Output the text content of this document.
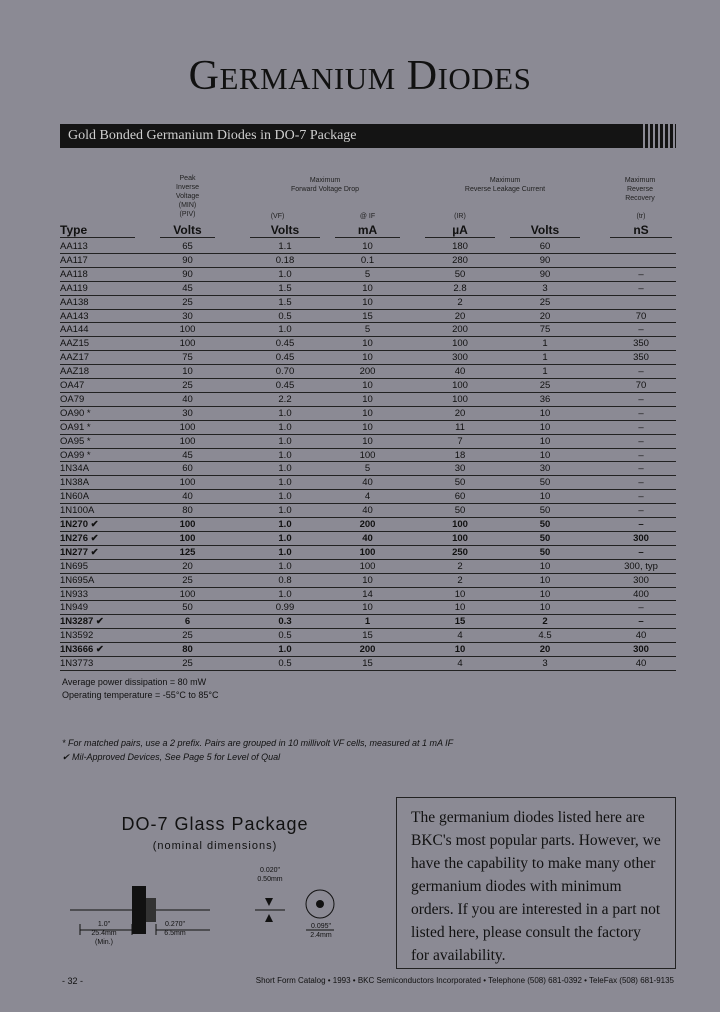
GERMANIUM DIODES
Gold Bonded Germanium Diodes in DO-7 Package
Peak
Inverse
Voltage
(MIN)
(PIV)
Maximum
Forward Voltage Drop
Maximum
Reverse Leakage Current
Maximum
Reverse
Recovery
(VF)	@ IF	(IR)	(tr)
Type	Volts	Volts	mA	µA	Volts	nS
AA113	65	1.1	10	180	60
AA117	90	0.18	0.1	280	90
AA118	90	1.0	5	50	90	–
AA119	45	1.5	10	2.8	3	–
AA138	25	1.5	10	2	25
AA143	30	0.5	15	20	20	70
AA144	100	1.0	5	200	75	–
AAZ15	100	0.45	10	100	1	350
AAZ17	75	0.45	10	300	1	350
AAZ18	10	0.70	200	40	1	–
OA47	25	0.45	10	100	25	70
OA79	40	2.2	10	100	36	–
OA90 *	30	1.0	10	20	10	–
OA91 *	100	1.0	10	11	10	–
OA95 *	100	1.0	10	7	10	–
OA99 *	45	1.0	100	18	10	–
1N34A	60	1.0	5	30	30	–
1N38A	100	1.0	40	50	50	–
1N60A	40	1.0	4	60	10	–
1N100A	80	1.0	40	50	50	–
1N270 ✔	100	1.0	200	100	50	–
1N276 ✔	100	1.0	40	100	50	300
1N277 ✔	125	1.0	100	250	50	–
1N695	20	1.0	100	2	10	300, typ
1N695A	25	0.8	10	2	10	300
1N933	100	1.0	14	10	10	400
1N949	50	0.99	10	10	10	–
1N3287 ✔	6	0.3	1	15	2	–
1N3592	25	0.5	15	4	4.5	40
1N3666 ✔	80	1.0	200	10	20	300
1N3773	25	0.5	15	4	3	40
Average power dissipation = 80 mW
Operating temperature = -55°C to 85°C
* For matched pairs, use a 2 prefix. Pairs are grouped in 10 millivolt VF cells, measured at 1 mA IF
✔ Mil-Approved Devices, See Page 5 for Level of Qual
DO-7 Glass Package
(nominal dimensions)
1.0"
25.4mm
(Min.)
0.270"
6.5mm
0.020"
0.50mm
0.095"
2.4mm
The germanium diodes listed here are BKC's most popular parts. However, we have the capability to make many other germanium diodes with minimum orders. If you are interested in a part not listed here, please consult the factory for availability.
- 32 -	Short Form Catalog • 1993 • BKC Semiconductors Incorporated • Telephone (508) 681-0392 • TeleFax (508) 681-9135
